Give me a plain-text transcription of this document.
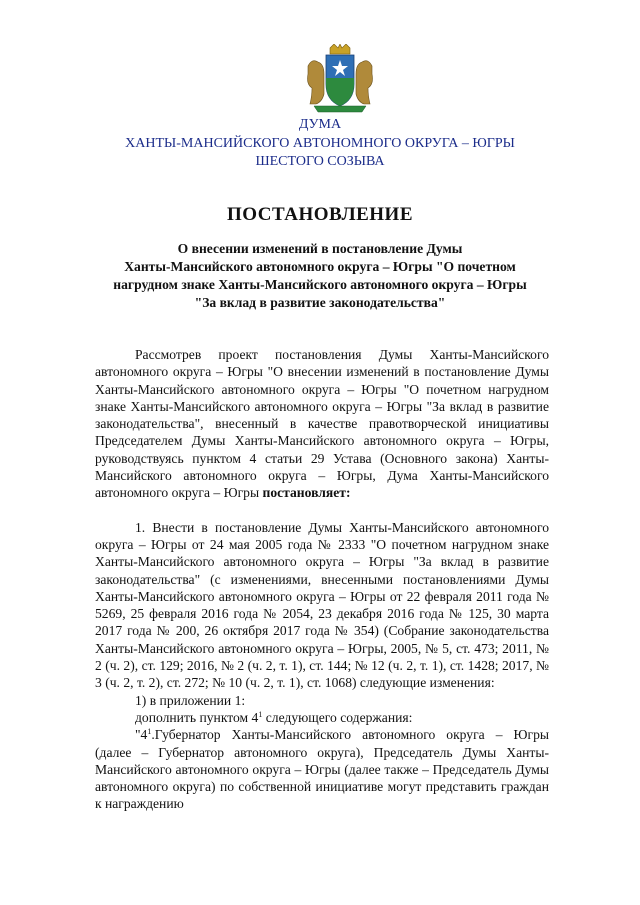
ДУМА
ХАНТЫ-МАНСИЙСКОГО АВТОНОМНОГО ОКРУГА – ЮГРЫ
ШЕСТОГО СОЗЫВА
ПОСТАНОВЛЕНИЕ
О внесении изменений в постановление Думы
Ханты-Мансийского автономного округа – Югры "О почетном
нагрудном знаке Ханты-Мансийского автономного округа – Югры
"За вклад в развитие законодательства"

Рассмотрев проект постановления Думы Ханты-Мансийского автономного округа – Югры "О внесении изменений в постановление Думы Ханты-Мансийского автономного округа – Югры "О почетном нагрудном знаке Ханты-Мансийского автономного округа – Югры "За вклад в развитие законодательства", внесенный в качестве правотворческой инициативы Председателем Думы Ханты-Мансийского автономного округа – Югры, руководствуясь пунктом 4 статьи 29 Устава (Основного закона) Ханты-Мансийского автономного округа – Югры, Дума Ханты-Мансийского автономного округа – Югры постановляет:

1. Внести в постановление Думы Ханты-Мансийского автономного округа – Югры от 24 мая 2005 года № 2333 "О почетном нагрудном знаке Ханты-Мансийского автономного округа – Югры "За вклад в развитие законодательства" (с изменениями, внесенными постановлениями Думы Ханты-Мансийского автономного округа – Югры от 22 февраля 2011 года № 5269, 25 февраля 2016 года № 2054, 23 декабря 2016 года № 125, 30 марта 2017 года № 200, 26 октября 2017 года № 354) (Собрание законодательства Ханты-Мансийского автономного округа – Югры, 2005, № 5, ст. 473; 2011, № 2 (ч. 2), ст. 129; 2016, № 2 (ч. 2, т. 1), ст. 144; № 12 (ч. 2, т. 1), ст. 1428; 2017, № 3 (ч. 2, т. 2), ст. 272; № 10 (ч. 2, т. 1), ст. 1068) следующие изменения:

1) в приложении 1:

дополнить пунктом $4^1$ следующего содержания:

"$4^1.Губернатор$ Ханты-Мансийского автономного округа – Югры (далее – Губернатор автономного округа), Председатель Думы Ханты-Мансийского автономного округа – Югры (далее также – Председатель Думы автономного округа) по собственной инициативе могут представить граждан к награждению
